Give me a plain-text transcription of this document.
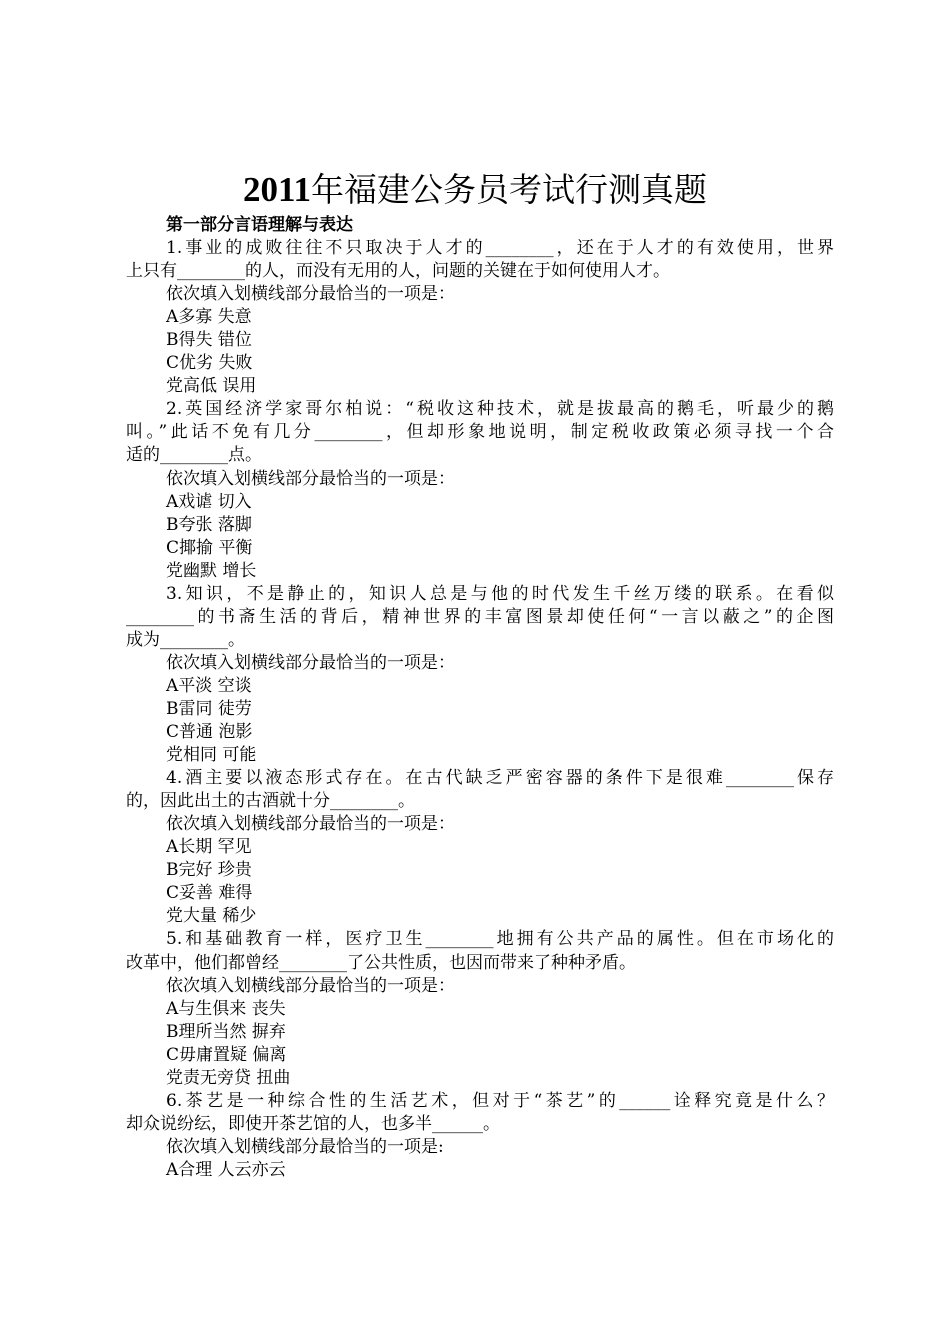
2011年福建公务员考试行测真题
第一部分言语理解与表达
1.事业的成败往往不只取决于人才的________，还在于人才的有效使用，世界
上只有________的人，而没有无用的人，问题的关键在于如何使用人才。
依次填入划横线部分最恰当的一项是：
A多寡 失意
B得失 错位
C优劣 失败
党高低 误用
2.英国经济学家哥尔柏说：“税收这种技术，就是拔最高的鹅毛，听最少的鹅
叫。”此话不免有几分________，但却形象地说明，制定税收政策必须寻找一个合
适的________点。
依次填入划横线部分最恰当的一项是：
A戏谑 切入
B夸张 落脚
C揶揄 平衡
党幽默 增长
3.知识，不是静止的，知识人总是与他的时代发生千丝万缕的联系。在看似
________的书斋生活的背后，精神世界的丰富图景却使任何“一言以蔽之”的企图
成为________。
依次填入划横线部分最恰当的一项是：
A平淡 空谈
B雷同 徒劳
C普通 泡影
党相同 可能
4.酒主要以液态形式存在。在古代缺乏严密容器的条件下是很难________保存
的，因此出土的古酒就十分________。
依次填入划横线部分最恰当的一项是：
A长期 罕见
B完好 珍贵
C妥善 难得
党大量 稀少
5.和基础教育一样，医疗卫生________地拥有公共产品的属性。但在市场化的
改革中，他们都曾经________了公共性质，也因而带来了种种矛盾。
依次填入划横线部分最恰当的一项是：
A与生俱来 丧失
B理所当然 摒弃
C毋庸置疑 偏离
党责无旁贷 扭曲
6.茶艺是一种综合性的生活艺术，但对于“茶艺”的______诠释究竟是什么？
却众说纷纭，即使开茶艺馆的人，也多半______。
依次填入划横线部分最恰当的一项是:
A合理 人云亦云
